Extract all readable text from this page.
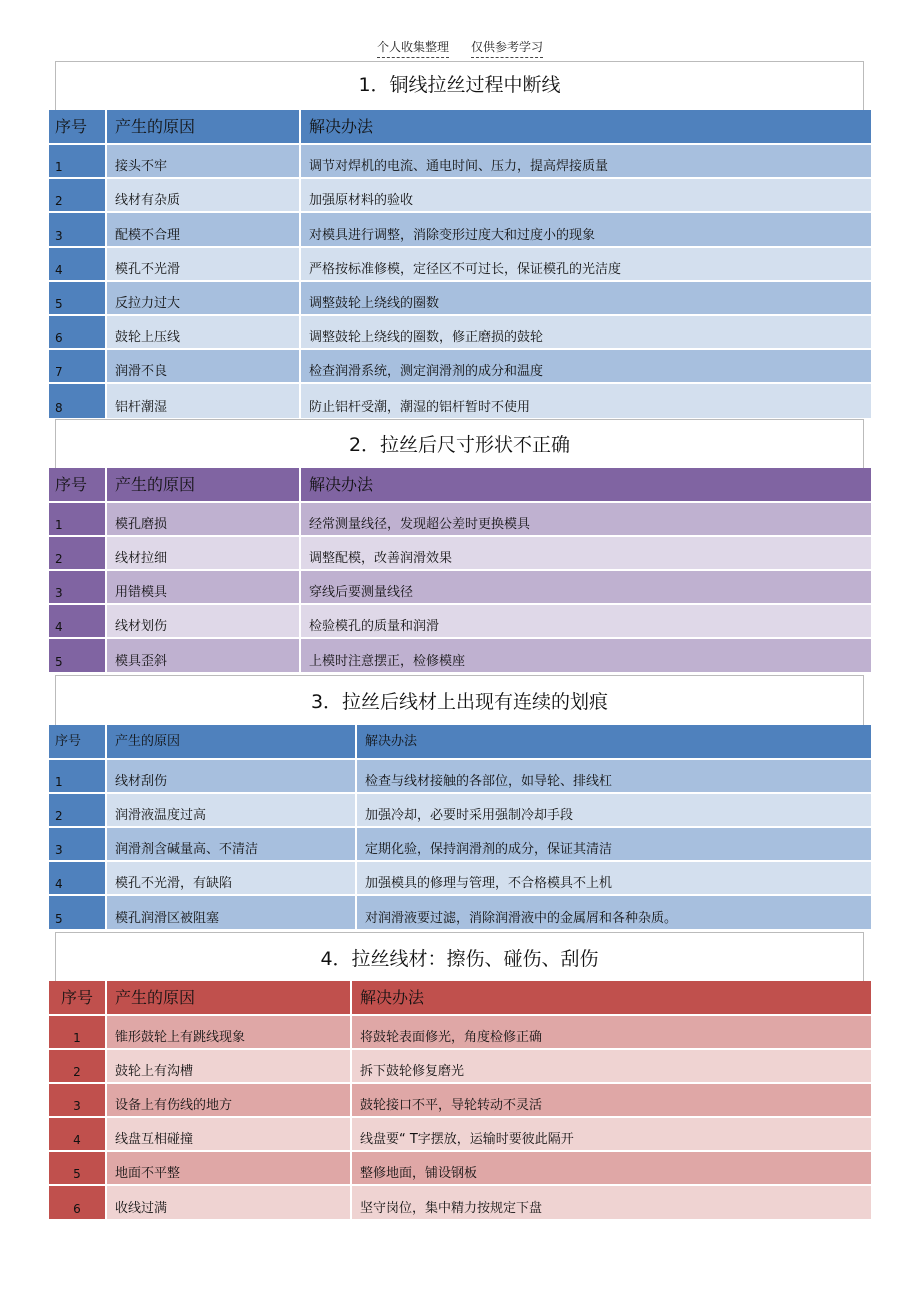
个人收集整理 仅供参考学习
1．铜线拉丝过程中断线
序号	产生的原因	解决办法
1	接头不牢	调节对焊机的电流、通电时间、压力，提高焊接质量
2	线材有杂质	加强原材料的验收
3	配模不合理	对模具进行调整，消除变形过度大和过度小的现象
4	模孔不光滑	严格按标准修模，定径区不可过长，保证模孔的光洁度
5	反拉力过大	调整鼓轮上绕线的圈数
6	鼓轮上压线	调整鼓轮上绕线的圈数，修正磨损的鼓轮
7	润滑不良	检查润滑系统，测定润滑剂的成分和温度
8	铝杆潮湿	防止铝杆受潮，潮湿的铝杆暂时不使用
2．拉丝后尺寸形状不正确
序号	产生的原因	解决办法
1	模孔磨损	经常测量线径，发现超公差时更换模具
2	线材拉细	调整配模，改善润滑效果
3	用错模具	穿线后要测量线径
4	线材划伤	检验模孔的质量和润滑
5	模具歪斜	上模时注意摆正，检修模座
3．拉丝后线材上出现有连续的划痕
序号	产生的原因	解决办法
1	线材刮伤	检查与线材接触的各部位，如导轮、排线杠
2	润滑液温度过高	加强冷却，必要时采用强制冷却手段
3	润滑剂含碱量高、不清洁	定期化验，保持润滑剂的成分，保证其清洁
4	模孔不光滑，有缺陷	加强模具的修理与管理，不合格模具不上机
5	模孔润滑区被阻塞	对润滑液要过滤，消除润滑液中的金属屑和各种杂质。
4．拉丝线材：擦伤、碰伤、刮伤
序号	产生的原因	解决办法
1	锥形鼓轮上有跳线现象	将鼓轮表面修光，角度检修正确
2	鼓轮上有沟槽	拆下鼓轮修复磨光
3	设备上有伤线的地方	鼓轮接口不平，导轮转动不灵活
4	线盘互相碰撞	线盘要“ T字摆放，运输时要彼此隔开
5	地面不平整	整修地面，铺设钢板
6	收线过满	坚守岗位，集中精力按规定下盘
